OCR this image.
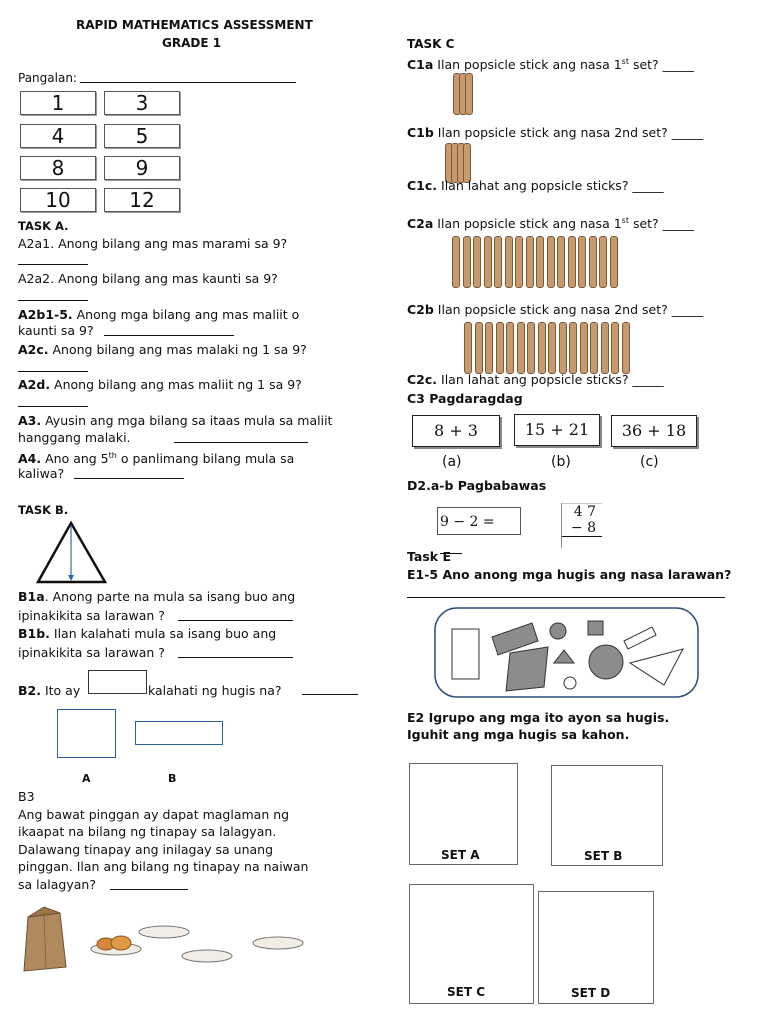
RAPID MATHEMATICS ASSESSMENT
GRADE 1
Pangalan:
1	3
4	5
8	9
10	12
TASK A.
A2a1. Anong bilang ang mas marami sa 9?
A2a2. Anong bilang ang mas kaunti sa 9?
A2b1-5. Anong mga bilang ang mas maliit o
kaunti sa 9?
A2c. Anong bilang ang mas malaki ng 1 sa 9?
A2d. Anong bilang ang mas maliit ng 1 sa 9?
A3. Ayusin ang mga bilang sa itaas mula sa maliit
hanggang malaki.
A4. Ano ang 5th o panlimang bilang mula sa
kaliwa?
TASK B.
B1a. Anong parte na mula sa isang buo ang
ipinakikita sa larawan ?
B1b. Ilan kalahati mula sa isang buo ang
ipinakikita sa larawan ?
B2. Ito ay	kalahati ng hugis na?
A	B
B3
Ang bawat pinggan ay dapat maglaman ng
ikaapat na bilang ng tinapay sa lalagyan.
Dalawang tinapay ang inilagay sa unang
pinggan. Ilan ang bilang ng tinapay na naiwan
sa lalagyan?
TASK C
C1a Ilan popsicle stick ang nasa 1st set? _____
C1b Ilan popsicle stick ang nasa 2nd set? _____
C1c. Ilan lahat ang popsicle sticks? _____
C2a Ilan popsicle stick ang nasa 1st set? _____
C2b Ilan popsicle stick ang nasa 2nd set? _____
C2c. Ilan lahat ang popsicle sticks? _____
C3 Pagdaragdag
8 + 3	15 + 21	36 + 18
(a)	(b)	(c)
D2.a-b Pagbabawas
9 − 2 =
4 7
− 8
Task E
E1-5 Ano anong mga hugis ang nasa larawan?
E2 Igrupo ang mga ito ayon sa hugis.
Iguhit ang mga hugis sa kahon.
SET A	SET B
SET C	SET D
